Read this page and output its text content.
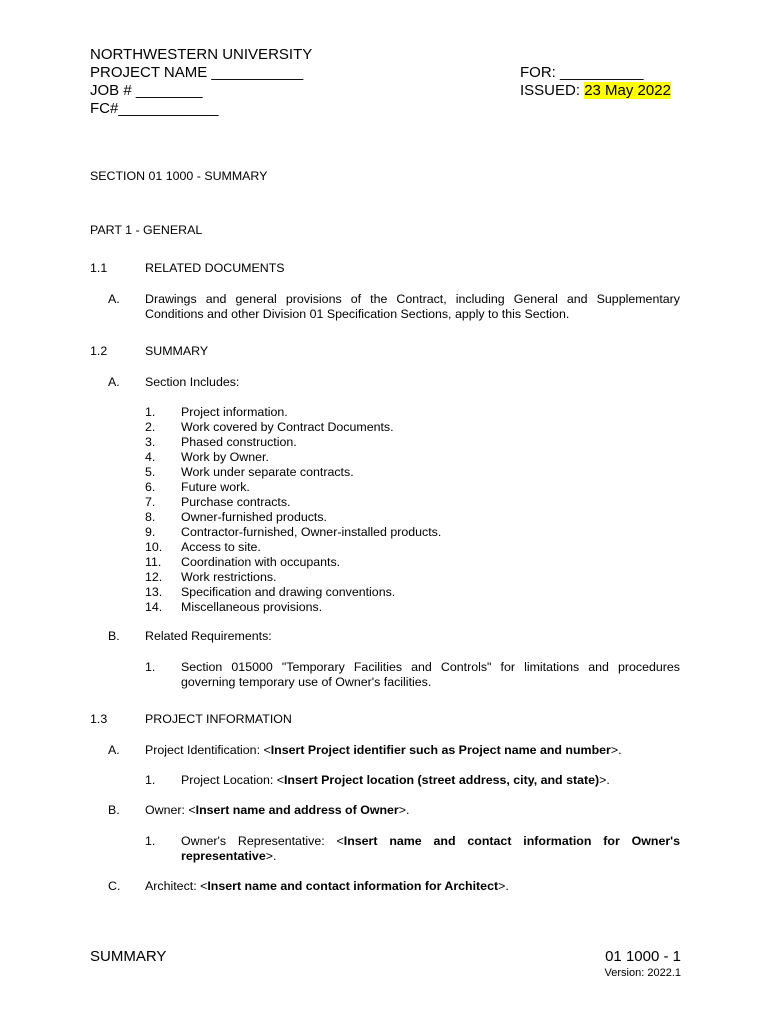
NORTHWESTERN UNIVERSITY
PROJECT NAME ___________
JOB # ________
FC#____________
FOR: __________
ISSUED: 23 May 2022
SECTION 01 1000 - SUMMARY
PART 1 - GENERAL
1.1	RELATED DOCUMENTS
A. Drawings and general provisions of the Contract, including General and Supplementary Conditions and other Division 01 Specification Sections, apply to this Section.
1.2	SUMMARY
A. Section Includes:
1. Project information.
2. Work covered by Contract Documents.
3. Phased construction.
4. Work by Owner.
5. Work under separate contracts.
6. Future work.
7. Purchase contracts.
8. Owner-furnished products.
9. Contractor-furnished, Owner-installed products.
10. Access to site.
11. Coordination with occupants.
12. Work restrictions.
13. Specification and drawing conventions.
14. Miscellaneous provisions.
B. Related Requirements:
1. Section 015000 "Temporary Facilities and Controls" for limitations and procedures governing temporary use of Owner's facilities.
1.3	PROJECT INFORMATION
A. Project Identification: <Insert Project identifier such as Project name and number>.
1. Project Location: <Insert Project location (street address, city, and state)>.
B. Owner: <Insert name and address of Owner>.
1. Owner's Representative: <Insert name and contact information for Owner's representative>.
C. Architect: <Insert name and contact information for Architect>.
SUMMARY	01 1000 - 1
Version: 2022.1
